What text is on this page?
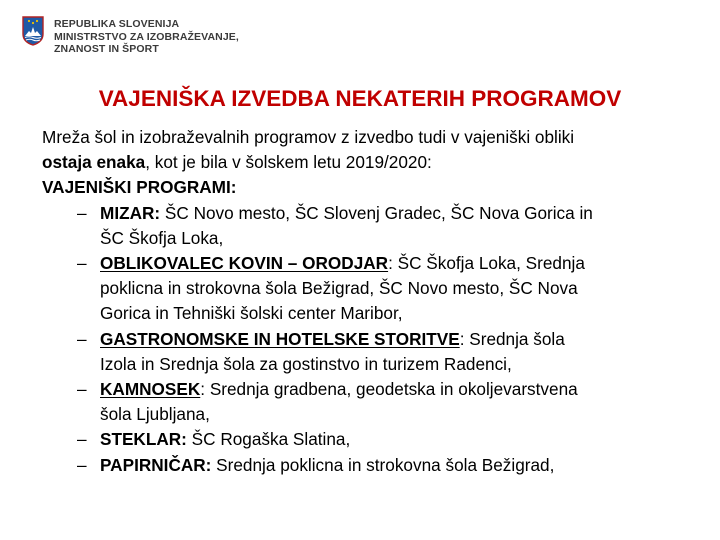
REPUBLIKA SLOVENIJA
MINISTRSTVO ZA IZOBRAŽEVANJE,
ZNANOST IN ŠPORT
VAJENIŠKA IZVEDBA NEKATERIH PROGRAMOV
Mreža šol in izobraževalnih programov z izvedbo tudi v vajeniški obliki
ostaja enaka, kot je bila v šolskem letu 2019/2020:
VAJENIŠKI PROGRAMI:
– MIZAR: ŠC Novo mesto, ŠC Slovenj Gradec, ŠC Nova Gorica in
ŠC Škofja Loka,
– OBLIKOVALEC KOVIN – ORODJAR: ŠC Škofja Loka, Srednja
poklicna in strokovna šola Bežigrad, ŠC Novo mesto, ŠC Nova
Gorica in Tehniški šolski center Maribor,
– GASTRONOMSKE IN HOTELSKE STORITVE: Srednja šola
Izola in Srednja šola za gostinstvo in turizem Radenci,
– KAMNOSEK: Srednja gradbena, geodetska in okoljevarstvena
šola Ljubljana,
– STEKLAR: ŠC Rogaška Slatina,
– PAPIRNIČAR: Srednja poklicna in strokovna šola Bežigrad,
